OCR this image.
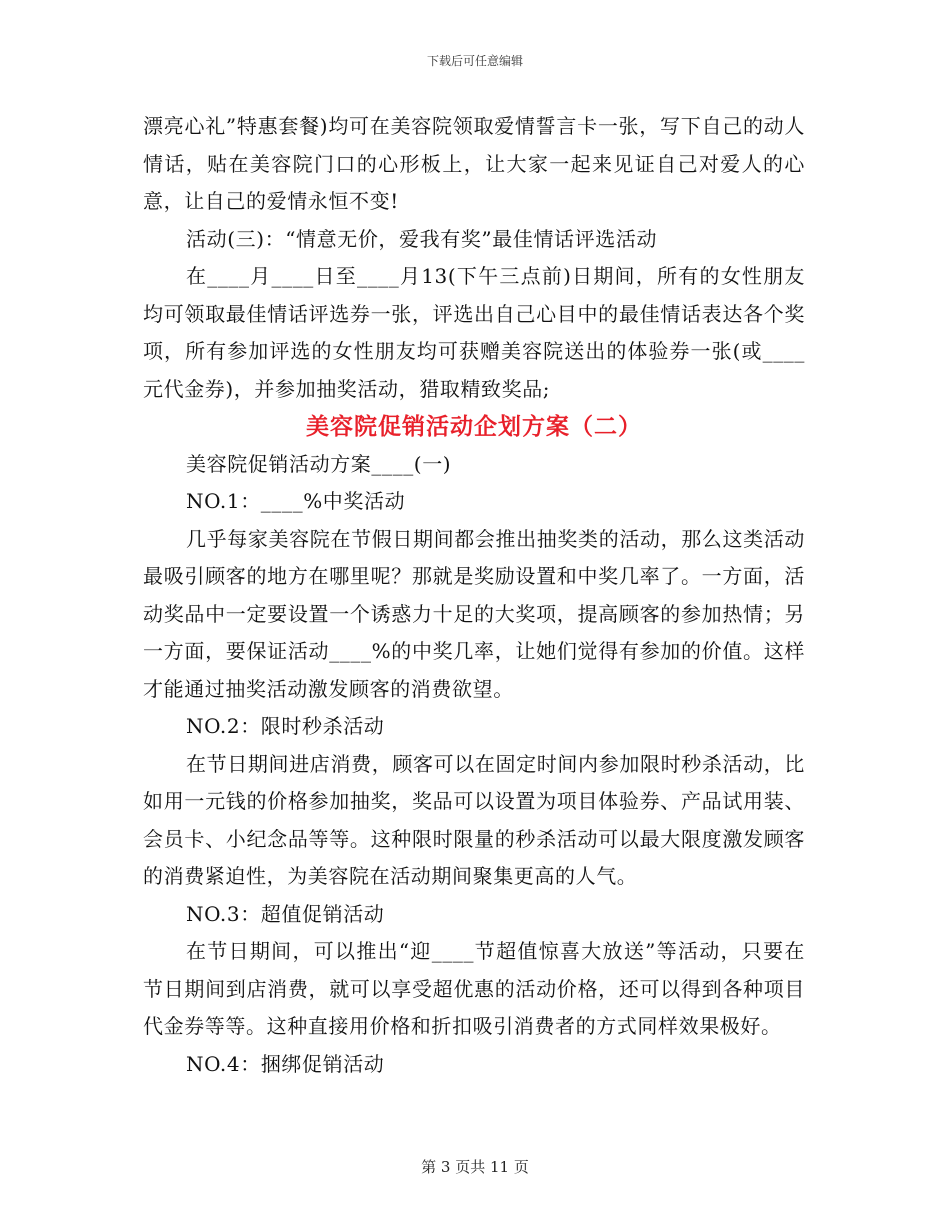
下载后可任意编辑

漂亮心礼”特惠套餐)均可在美容院领取爱情誓言卡一张，写下自己的动人情话，贴在美容院门口的心形板上，让大家一起来见证自己对爱人的心意，让自己的爱情永恒不变!

活动(三)：“情意无价，爱我有奖”最佳情话评选活动

在____月____日至____月13(下午三点前)日期间，所有的女性朋友均可领取最佳情话评选券一张，评选出自己心目中的最佳情话表达各个奖项，所有参加评选的女性朋友均可获赠美容院送出的体验券一张(或____元代金券)，并参加抽奖活动，猎取精致奖品;

美容院促销活动企划方案（二）

美容院促销活动方案____(一)

NO.1：____%中奖活动

几乎每家美容院在节假日期间都会推出抽奖类的活动，那么这类活动最吸引顾客的地方在哪里呢？那就是奖励设置和中奖几率了。一方面，活动奖品中一定要设置一个诱惑力十足的大奖项，提高顾客的参加热情；另一方面，要保证活动____%的中奖几率，让她们觉得有参加的价值。这样才能通过抽奖活动激发顾客的消费欲望。

NO.2：限时秒杀活动

在节日期间进店消费，顾客可以在固定时间内参加限时秒杀活动，比如用一元钱的价格参加抽奖，奖品可以设置为项目体验券、产品试用装、会员卡、小纪念品等等。这种限时限量的秒杀活动可以最大限度激发顾客的消费紧迫性，为美容院在活动期间聚集更高的人气。

NO.3：超值促销活动

在节日期间，可以推出“迎____节超值惊喜大放送”等活动，只要在节日期间到店消费，就可以享受超优惠的活动价格，还可以得到各种项目代金券等等。这种直接用价格和折扣吸引消费者的方式同样效果极好。

NO.4：捆绑促销活动

第 3 页共 11 页
